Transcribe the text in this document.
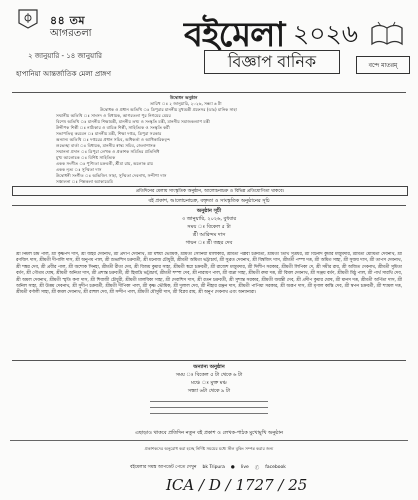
৪৪ তম
আগরতলা
২ জানুয়ারি - ১৪ জানুয়ারি
হাপানিয়া আন্তর্জাতিক মেলা প্রাঙ্গণ
বইমেলা ২০২৬
বিজ্ঞাপ বানিক	বন্দে মাতরম্
উদ্বোধন অনুষ্ঠান
তারিখ ঃ ২ জানুয়ারি, ২০২৬, সন্ধ্যা ৬ টা
উদ্বোধক ও প্রধান অতিথি ঃ ত্রিপুরার মাননীয় মুখ্যমন্ত্রী প্রফেসর (ডাঃ) মানিক সাহা
সম্মানীয় অতিথি ঃ সাংসদ ও বিধায়ক, আগরতলা পুর নিগমের মেয়র
বিশেষ অতিথি ঃ মাননীয় শিক্ষামন্ত্রী, মাননীয় তথ্য ও সংস্কৃতি মন্ত্রী, মাননীয় সমাজকল্যাণ মন্ত্রী
উদ্দীপক শিল্পী ঃ নাট্যকার ও বাচিক শিল্পী, সাহিত্যিক ও সংস্কৃতি কর্মী
সভাপতিত্ব করবেন ঃ মাননীয় মন্ত্রী, শিক্ষা দপ্তর, ত্রিপুরা সরকার
অন্যান্য অতিথি ঃ দপ্তরের প্রধান সচিব, অধিকর্তা ও আধিকারিকবৃন্দ
শুভেচ্ছা বার্তা ঃ বিধায়ক, মাননীয় স্বাস্থ্য সচিব, জেলাশাসক
সম্মাননা প্রদান ঃ ত্রিপুরা লেখক ও প্রকাশক সমিতির প্রতিনিধি
মুখ্য আলোচক ঃ বিশিষ্ট সাহিত্যিক
একক সংগীত ঃ পুণ্যিতা চক্রবর্তী, শ্রীমা রায়, অলোক রায়
একক নৃত্য ঃ সুস্মিতা দাস
উদ্বোধনী সংগীত ঃ অভিজিৎ সাহা, সুস্মিতা দেবনাথ, সন্দীপা দাস
সঞ্চালনা ঃ শিল্পকলা অ্যাকাডেমি
প্রতিদিনের মেলায় সাংস্কৃতিক অনুষ্ঠান, আলোচনাচক্র ও বিভিন্ন প্রতিযোগিতা থাকবে।
বই প্রকাশ, আলোচনাচক্র, বক্তৃতা ও সাংস্কৃতিক অনুষ্ঠানের সূচি
অনুষ্ঠান সূচী
৩ জানুয়ারি, ২০২৬, বুধবার
সময় ঃ বিকেল ৫ টা
শ্রী আরিন্দম দাস
গায়ন ঃ শ্রী জহর দেব
শ্রী নির্মল চন্দ্র পাল, শ্রী কৃষ্ণপদ দাস, শ্রী জহর দেবনাথ, শ্রী প্রদীপ দেবনাথ, শ্রী মহুয়া ভৌমিক, শ্রীমতী সোনিয়া মালাকার, শ্রীমতী পল্লবী চক্রবর্তী, শ্রীমতী তিথি সূত্রধর, শ্রী বিনোদ কুমার মজুমদার, শ্রীমতী মৌমিতা দেবনাথ, শ্রী রণজিৎ দাস, শ্রীমতী দীপালি দাস, শ্রী অনুপম পাল, শ্রী শুভাশিস চক্রবর্তী, শ্রী মনোজ চৌধুরী, শ্রীমতী অমিতা ভট্টাচার্য, শ্রী সুব্রত দেবনাথ, শ্রী বিশ্বজিৎ দাস, শ্রীমতী পম্পা দত্ত, শ্রী অমিত সাহা, শ্রী সুজয় দাস, শ্রী তাপস দেবনাথ, শ্রী শঙ্কর দেব, শ্রী প্রবীর পাল, শ্রী অশোক সিনহা, শ্রীমতী রীতা দেব, শ্রী বিজয় কুমার সাহা, শ্রীমতী স্বপ্না চক্রবর্তী, শ্রী রাজেশ মজুমদার, শ্রী দিলীপ সরকার, শ্রীমতী লিপিকা দে, শ্রী সমীর রায়, শ্রী অজিত দেবনাথ, শ্রীমতী সুমিতা বর্মণ, শ্রী গৌতম ঘোষ, শ্রীমতী অনিতা দাস, শ্রী প্রশান্ত চক্রবর্তী, শ্রী হিমাদ্রি ভট্টাচার্য, শ্রীমতী শম্পা দেব, শ্রী নারায়ণ পাল, শ্রী বাপ্পা সাহা, শ্রীমতী রুমা দত্ত, শ্রী বিমল দেবনাথ, শ্রী সঞ্জয় বর্মণ, শ্রীমতী মিঠু পাল, শ্রী পার্থ সারথি দেব, শ্রী অমল দেবনাথ, শ্রীমতী স্মৃতি কণা দাস, শ্রী শিবাজী চৌধুরী, শ্রীমতী মালবিকা সাহা, শ্রী দেবাশিস দাস, শ্রী রতন চক্রবর্তী, শ্রী সুশান্ত সরকার, শ্রীমতী জয়ন্তী দেব, শ্রী প্রদীপ কুমার ঘোষ, শ্রী মানস দত্ত, শ্রীমতী অর্পিতা দাস, শ্রী অনিল সাহা, শ্রী উত্তম দেবনাথ, শ্রী সুদীপ চক্রবর্তী, শ্রীমতী দীপিকা পাল, শ্রী কৃষ্ণ ভৌমিক, শ্রী দুলাল দেব, শ্রী নীহার রঞ্জন দাস, শ্রীমতী পাপিয়া সরকার, শ্রী অরূপ দাস, শ্রী মৃণাল কান্তি দেব, শ্রী স্বপন চক্রবর্তী, শ্রী শ্যামল দত্ত, শ্রীমতী বর্ণালী সাহা, শ্রী কমল দেবনাথ, শ্রী রাহুল দেব, শ্রী সন্দীপ পাল, শ্রীমতী মৌসুমী দাস, শ্রী বিপ্লব রায়, শ্রী অনুপ দেবনাথ এবং অন্যান্যরা।
অন্যান্য অনুষ্ঠান
সময় ঃ বিকেল ৫ টা থেকে ৬ টা
মঞ্চে ঃ মুক্ত মঞ্চ
সন্ধ্যা ৬টা থেকে ৯ টা
এছাড়াও থাকবে প্রতিদিন নতুন বই প্রকাশ ও লেখক-পাঠক মুখোমুখি অনুষ্ঠান
প্রকাশকদের অনুরোধ করা হচ্ছে নির্দিষ্ট সময়ের মধ্যে স্টল বুকিং সম্পন্ন করার জন্য
বইমেলার সমস্ত আপডেট পেতে দেখুন bk Tripura ● live ⓕ facebook
ICA / D / 1727 / 25
